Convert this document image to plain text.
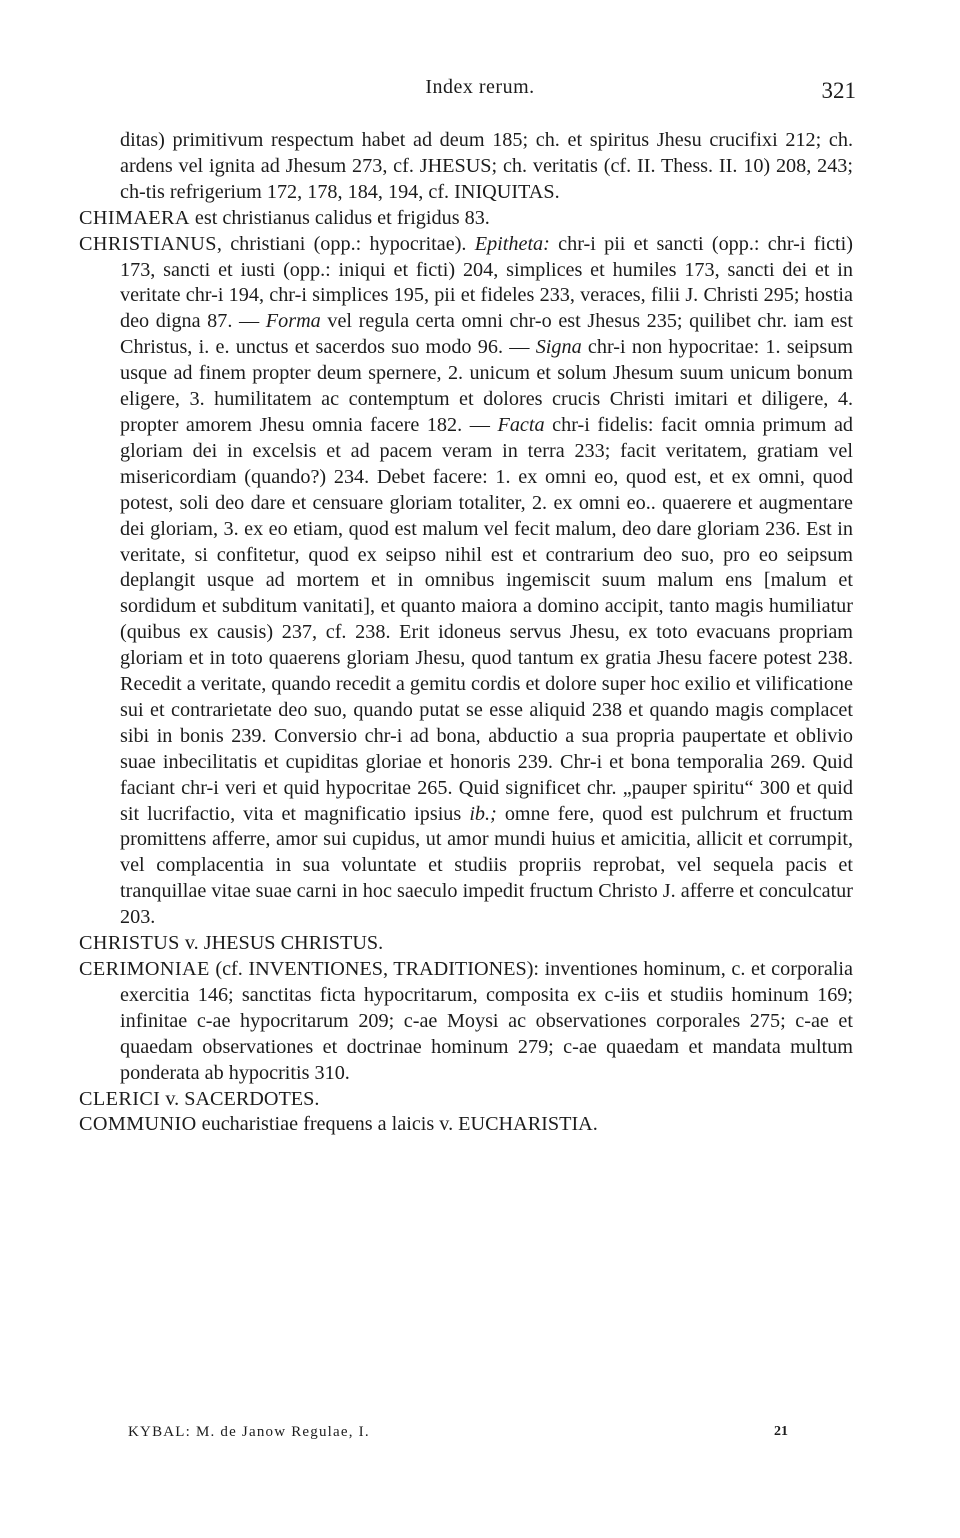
Index rerum.	321

ditas) primitivum respectum habet ad deum 185; ch. et spiritus Jhesu crucifixi 212; ch. ardens vel ignita ad Jhesum 273, cf. JHESUS; ch. veritatis (cf. II. Thess. II. 10) 208, 243; ch-tis refrigerium 172, 178, 184, 194, cf. INIQUITAS.

CHIMAERA est christianus calidus et frigidus 83.

CHRISTIANUS, christiani (opp.: hypocritae). Epitheta: chr-i pii et sancti (opp.: chr-i ficti) 173, sancti et iusti (opp.: iniqui et ficti) 204, simplices et humiles 173, sancti dei et in veritate chr-i 194, chr-i simplices 195, pii et fideles 233, veraces, filii J. Christi 295; hostia deo digna 87. — Forma vel regula certa omni chr-o est Jhesus 235; quilibet chr. iam est Christus, i. e. unctus et sacerdos suo modo 96. — Signa chr-i non hypocritae: 1. seipsum usque ad finem propter deum spernere, 2. unicum et solum Jhesum suum unicum bonum eligere, 3. humilitatem ac contemptum et dolores crucis Christi imitari et diligere, 4. propter amorem Jhesu omnia facere 182. — Facta chr-i fidelis: facit omnia primum ad gloriam dei in excelsis et ad pacem veram in terra 233; facit veritatem, gratiam vel misericordiam (quando?) 234. Debet facere: 1. ex omni eo, quod est, et ex omni, quod potest, soli deo dare et censuare gloriam totaliter, 2. ex omni eo.. quaerere et augmentare dei gloriam, 3. ex eo etiam, quod est malum vel fecit malum, deo dare gloriam 236. Est in veritate, si confitetur, quod ex seipso nihil est et contrarium deo suo, pro eo seipsum deplangit usque ad mortem et in omnibus ingemiscit suum malum ens [malum et sordidum et subditum vanitati], et quanto maiora a domino accipit, tanto magis humiliatur (quibus ex causis) 237, cf. 238. Erit idoneus servus Jhesu, ex toto evacuans propriam gloriam et in toto quaerens gloriam Jhesu, quod tantum ex gratia Jhesu facere potest 238. Recedit a veritate, quando recedit a gemitu cordis et dolore super hoc exilio et vilificatione sui et contrarietate deo suo, quando putat se esse aliquid 238 et quando magis complacet sibi in bonis 239. Conversio chr-i ad bona, abductio a sua propria paupertate et oblivio suae inbecilitatis et cupiditas gloriae et honoris 239. Chr-i et bona temporalia 269. Quid faciant chr-i veri et quid hypocritae 265. Quid significet chr. „pauper spiritu“ 300 et quid sit lucrifactio, vita et magnificatio ipsius ib.; omne fere, quod est pulchrum et fructum promittens afferre, amor sui cupidus, ut amor mundi huius et amicitia, allicit et corrumpit, vel complacentia in sua voluntate et studiis propriis reprobat, vel sequela pacis et tranquillae vitae suae carni in hoc saeculo impedit fructum Christo J. afferre et conculcatur 203.

CHRISTUS v. JHESUS CHRISTUS.

CERIMONIAE (cf. INVENTIONES, TRADITIONES): inventiones hominum, c. et corporalia exercitia 146; sanctitas ficta hypocritarum, composita ex c-iis et studiis hominum 169; infinitae c-ae hypocritarum 209; c-ae Moysi ac observationes corporales 275; c-ae et quaedam observationes et doctrinae hominum 279; c-ae quaedam et mandata multum ponderata ab hypocritis 310.

CLERICI v. SACERDOTES.

COMMUNIO eucharistiae frequens a laicis v. EUCHARISTIA.

KYBAL: M. de Janow Regulae, I.	21
